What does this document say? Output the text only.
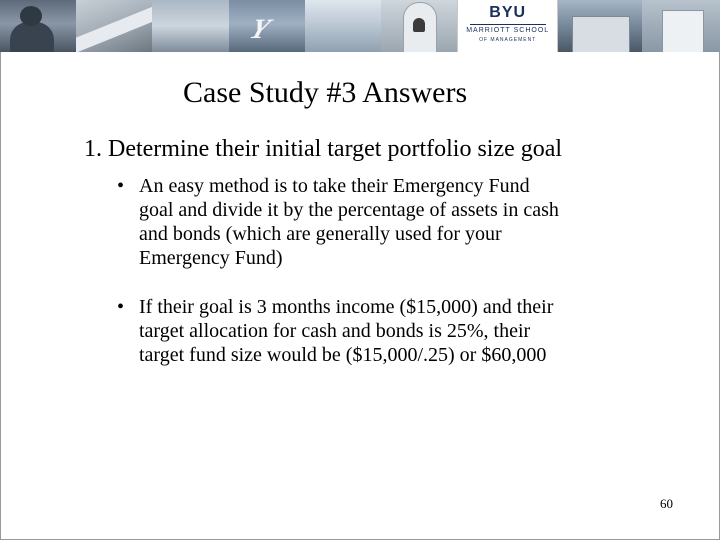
Y
BYU
MARRIOTT SCHOOL
OF MANAGEMENT
Case Study #3 Answers

1. Determine their initial target portfolio size goal

• An easy method is to take their Emergency Fund
goal and divide it by the percentage of assets in cash
and bonds (which are generally used for your
Emergency Fund)
• If their goal is 3 months income ($15,000) and their
target allocation for cash and bonds is 25%, their
target fund size would be ($15,000/.25) or $60,000
60
